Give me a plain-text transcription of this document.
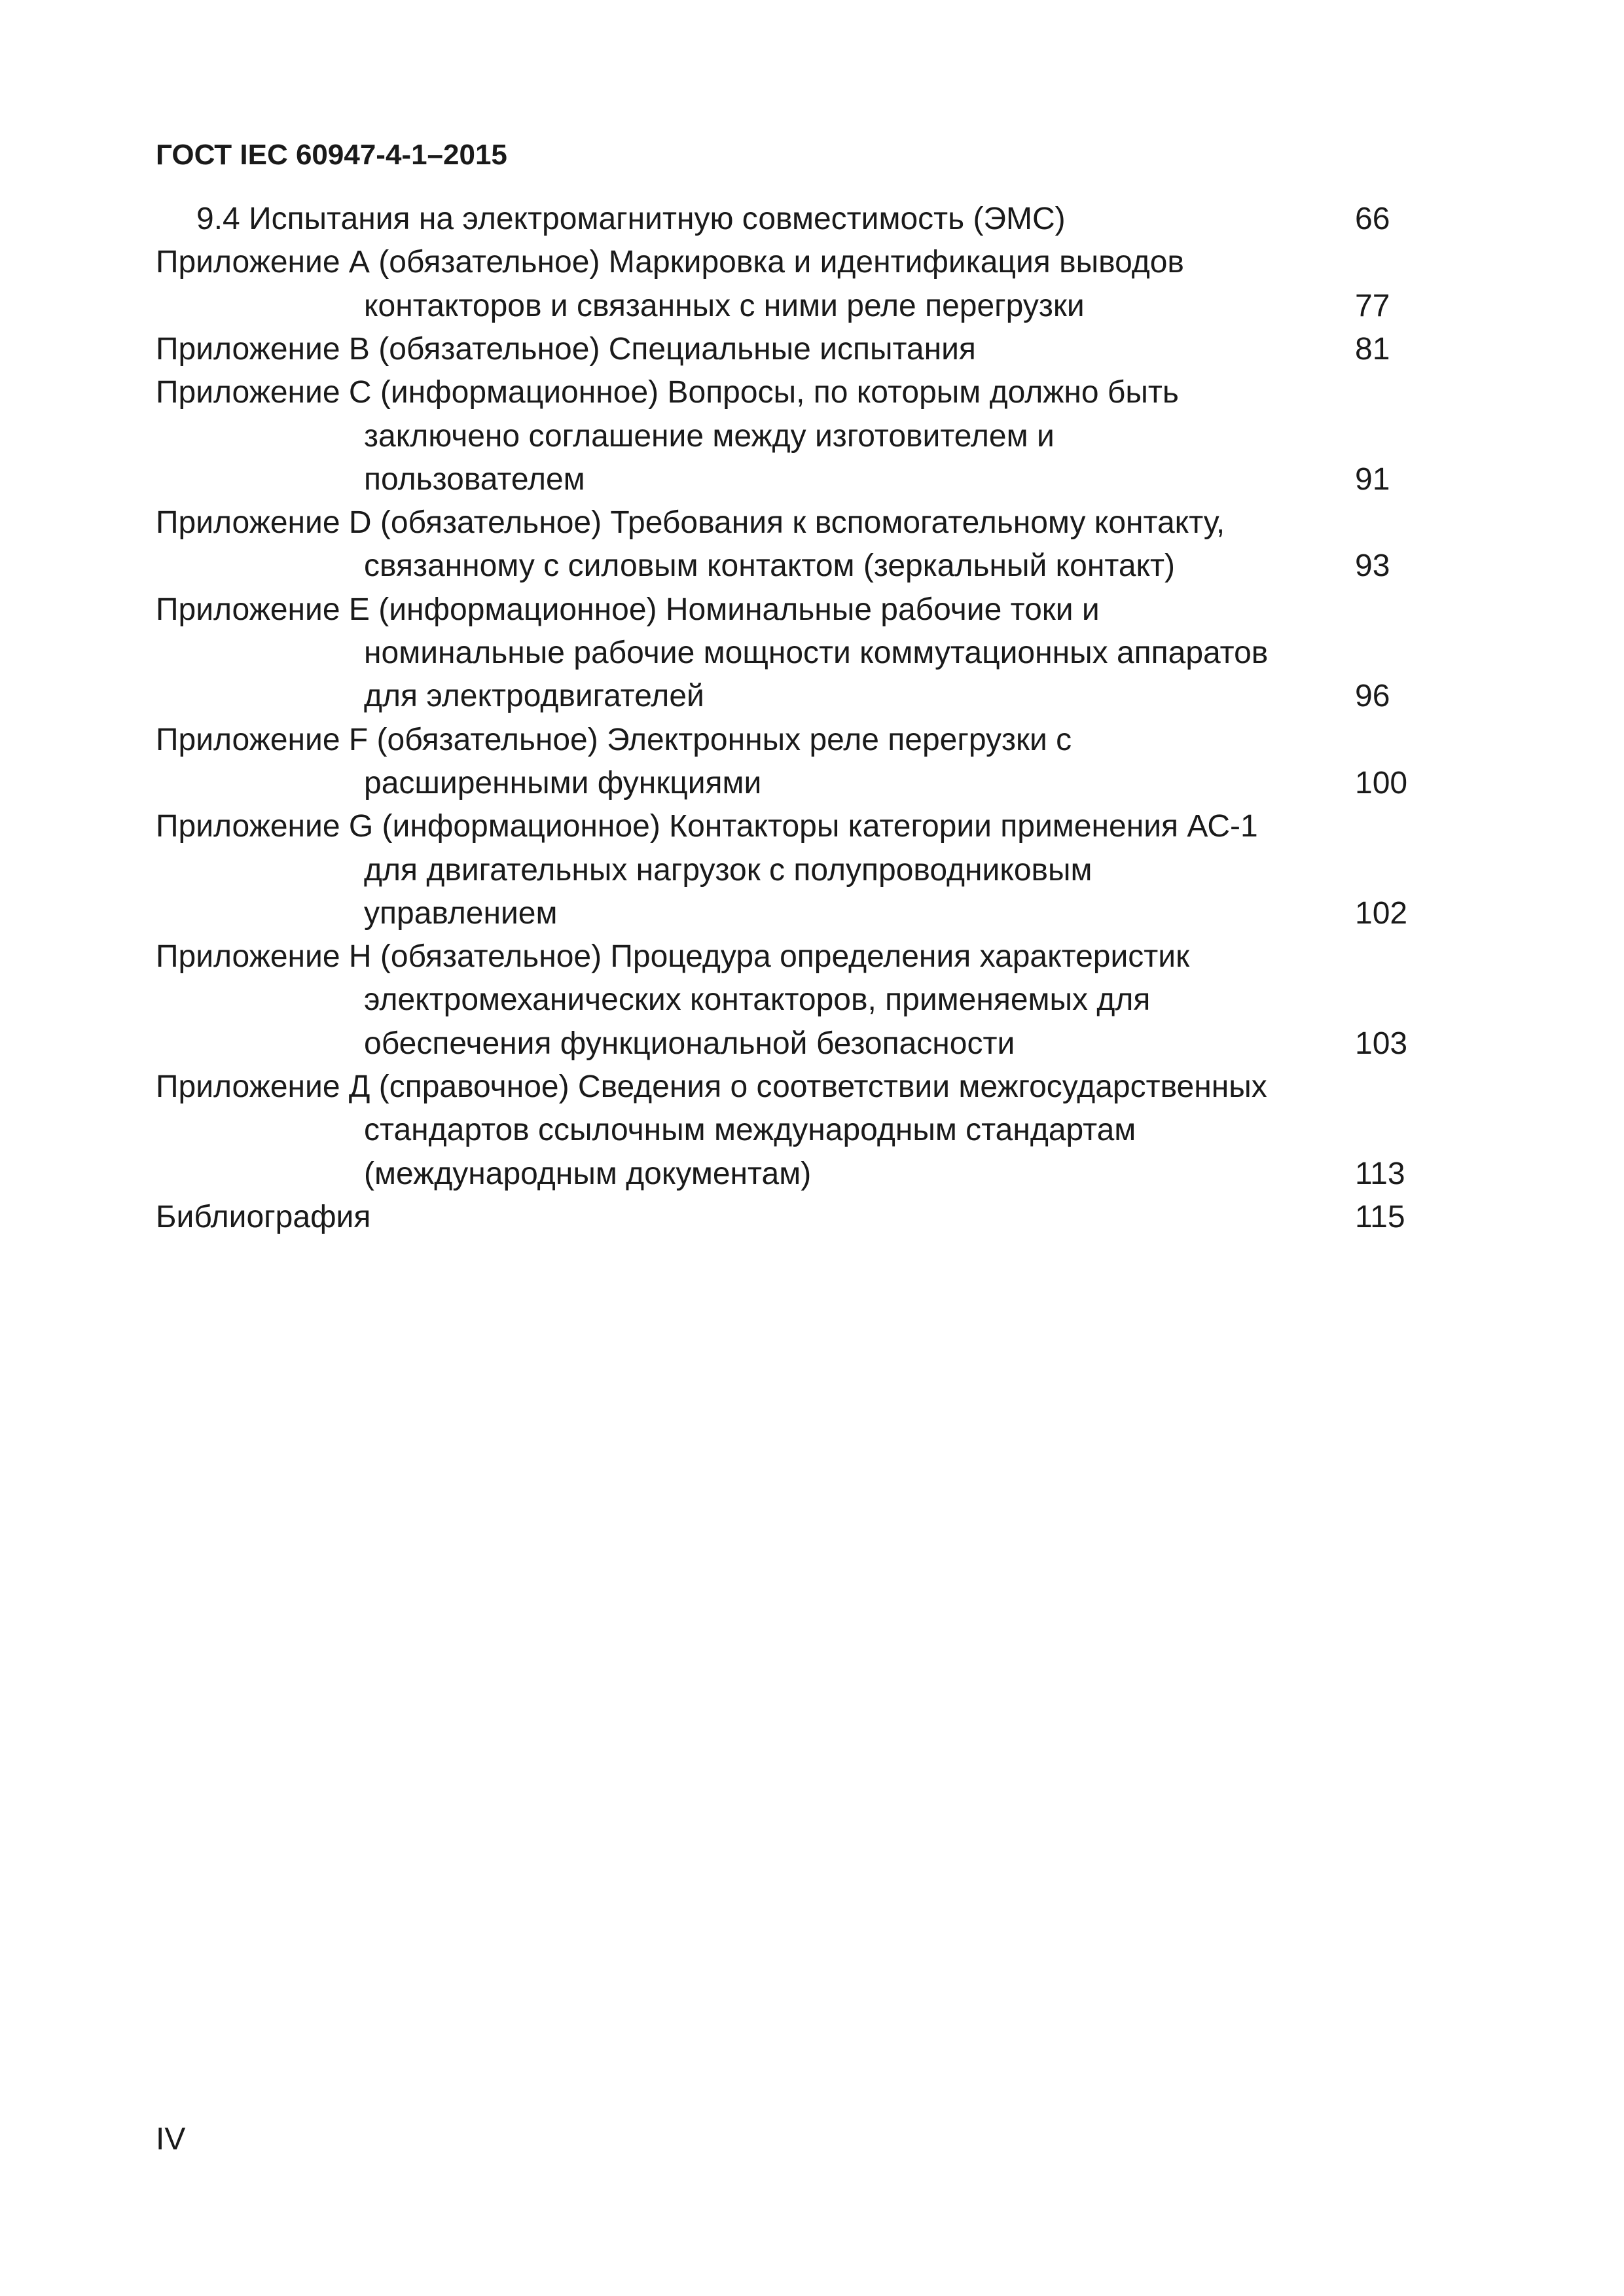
ГОСТ IEC 60947-4-1–2015
9.4 Испытания на электромагнитную совместимость (ЭМС)	66
Приложение А (обязательное) Маркировка и идентификация выводов
контакторов и связанных с ними реле перегрузки	77
Приложение В (обязательное) Специальные испытания	81
Приложение С (информационное) Вопросы, по которым должно быть
заключено соглашение между изготовителем и
пользователем	91
Приложение D (обязательное) Требования к вспомогательному контакту,
связанному с силовым контактом (зеркальный контакт)	93
Приложение Е (информационное) Номинальные рабочие токи и
номинальные рабочие мощности коммутационных аппаратов
для электродвигателей	96
Приложение F (обязательное) Электронных реле перегрузки с
расширенными функциями	100
Приложение G (информационное) Контакторы категории применения АС-1
для двигательных нагрузок с полупроводниковым
управлением	102
Приложение Н (обязательное) Процедура определения характеристик
электромеханических контакторов, применяемых для
обеспечения функциональной безопасности	103
Приложение Д (справочное) Сведения о соответствии межгосударственных
стандартов ссылочным международным стандартам
(международным документам)	113
Библиография	115
IV
